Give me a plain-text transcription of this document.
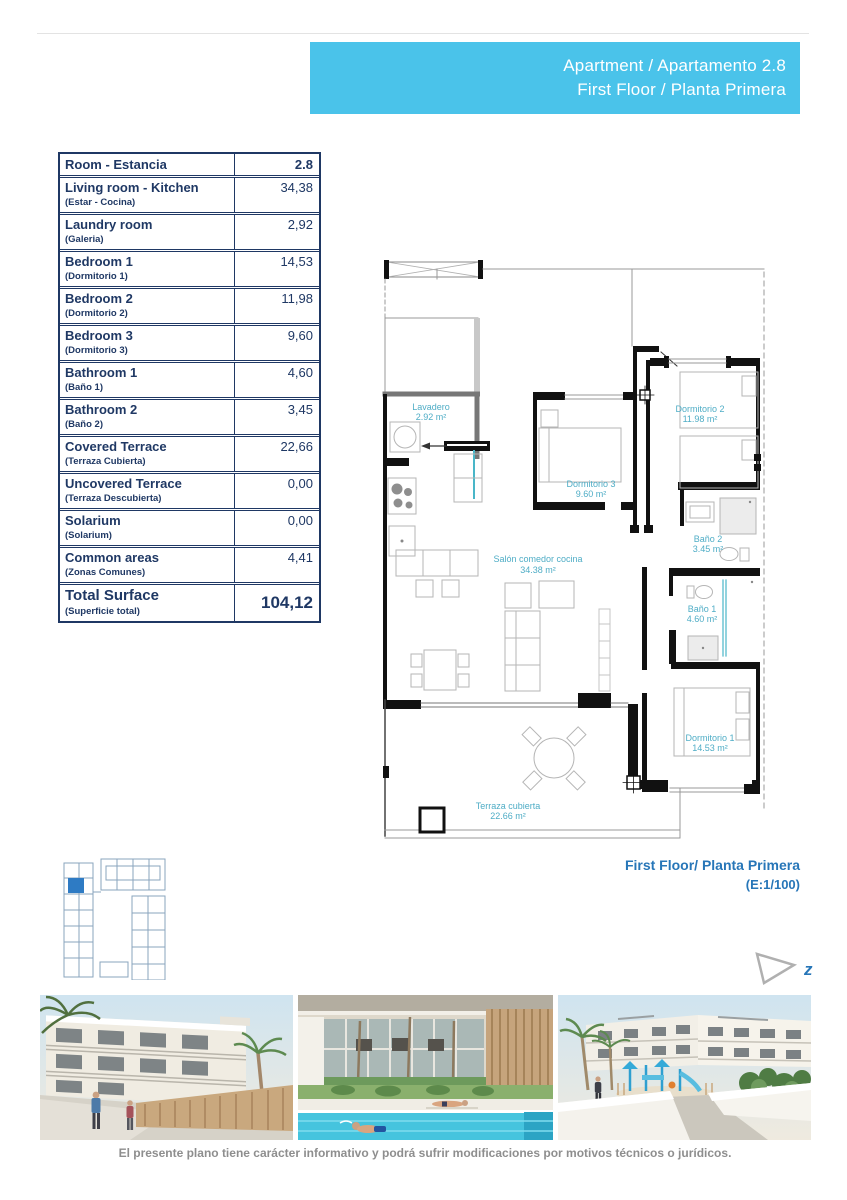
Apartment / Apartamento 2.8
First Floor / Planta Primera
Room - Estancia	2.8
Living room - Kitchen
(Estar - Cocina)
34,38
Laundry room
(Galeria)
2,92
Bedroom 1
(Dormitorio 1)
14,53
Bedroom 2
(Dormitorio 2)
11,98
Bedroom 3
(Dormitorio 3)
9,60
Bathroom 1
(Baño 1)
4,60
Bathroom 2
(Baño 2)
3,45
Covered Terrace
(Terraza Cubierta)
22,66
Uncovered Terrace
(Terraza Descubierta)
0,00
Solarium
(Solarium)
0,00
Common areas
(Zonas Comunes)
4,41
Total Surface
(Superficie total)	104,12
Lavadero
2.92 m²
Dormitorio 3
9.60 m²
Dormitorio 2
11.98 m²
Baño 2
3.45 m²
Baño 1
4.60 m²
Salón comedor cocina
34.38 m²
Dormitorio 1
14.53 m²
Terraza cubierta
22.66 m²
First Floor/ Planta Primera
(E:1/100)
z
El presente plano tiene carácter informativo y podrá sufrir modificaciones por motivos técnicos o jurídicos.
